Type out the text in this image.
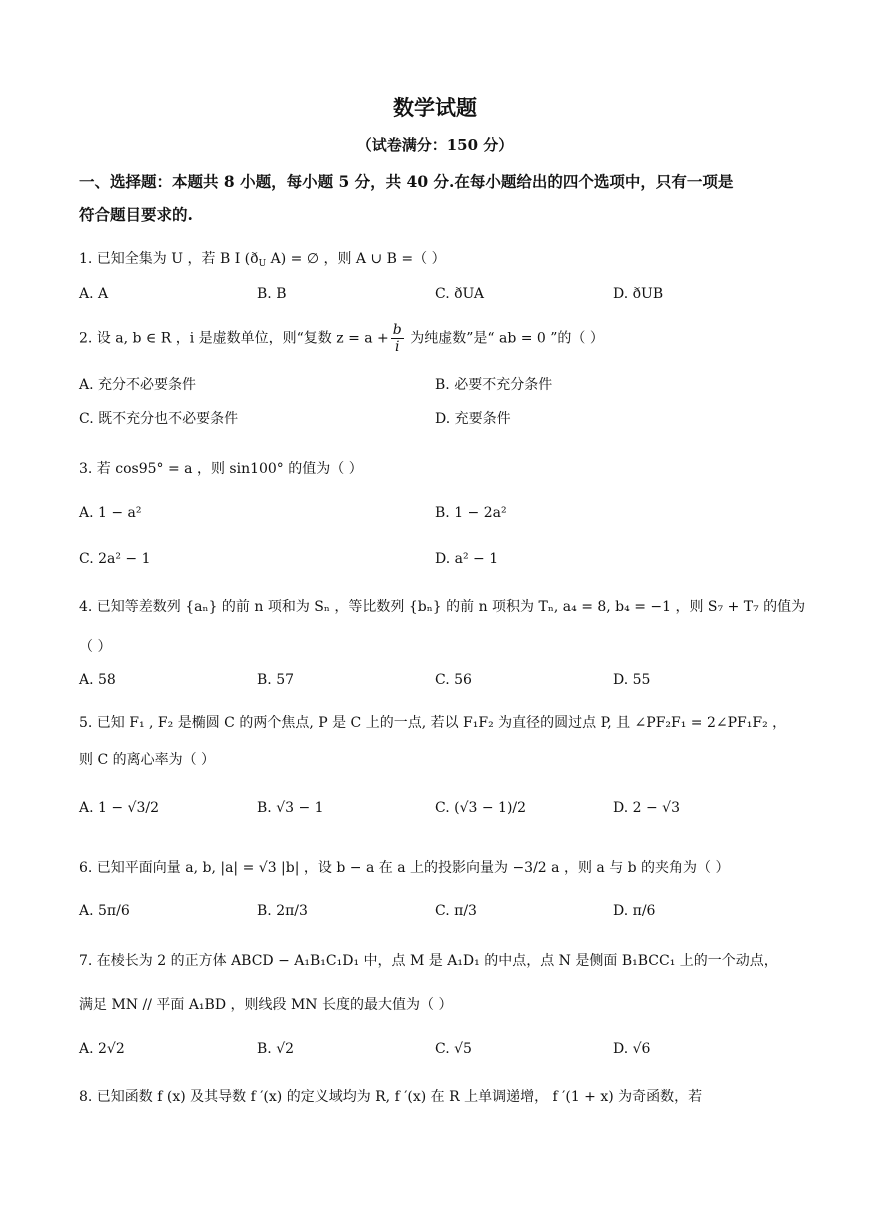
数学试题
（试卷满分：150 分）
一、选择题：本题共 8 小题，每小题 5 分，共 40 分.在每小题给出的四个选项中，只有一项是
符合题目要求的.
1. 已知全集为 U ，若 B I ($ð_U$ A) = ∅ ，则 A ∪ B =（ ）
A. A	B. B	C. ðUA	D. ðUB
2. 设 a, b ∈ R ，i 是虚数单位，则“复数 $z = a + \frac{b}{i}$ 为纯虚数”是“ ab = 0 ”的（ ）
A. 充分不必要条件	B. 必要不充分条件
C. 既不充分也不必要条件	D. 充要条件
3. 若 cos95° = a ，则 sin100° 的值为（ ）
A. 1 − a²	B. 1 − 2a²
C. 2a² − 1	D. a² − 1
4. 已知等差数列 {aₙ} 的前 n 项和为 Sₙ ，等比数列 {bₙ} 的前 n 项积为 Tₙ, a₄ = 8, b₄ = −1 ，则 S₇ + T₇ 的值为
（ ）
A. 58	B. 57	C. 56	D. 55
5. 已知 F₁ , F₂ 是椭圆 C 的两个焦点, P 是 C 上的一点, 若以 F₁F₂ 为直径的圆过点 P, 且 ∠PF₂F₁ = 2∠PF₁F₂ ，
则 C 的离心率为（ ）
A. 1 − √3/2	B. √3 − 1	C. (√3 − 1)/2	D. 2 − √3
6. 已知平面向量 a, b, |a| = √3 |b| ，设 b − a 在 a 上的投影向量为 −3/2 a ，则 a 与 b 的夹角为（ ）
A. 5π/6	B. 2π/3	C. π/3	D. π/6
7. 在棱长为 2 的正方体 ABCD − A₁B₁C₁D₁ 中，点 M 是 A₁D₁ 的中点，点 N 是侧面 B₁BCC₁ 上的一个动点，
满足 MN // 平面 A₁BD ，则线段 MN 长度的最大值为（ ）
A. 2√2	B. √2	C. √5	D. √6
8. 已知函数 f (x) 及其导数 f ′(x) 的定义域均为 R, f ′(x) 在 R 上单调递增， f ′(1 + x) 为奇函数，若
